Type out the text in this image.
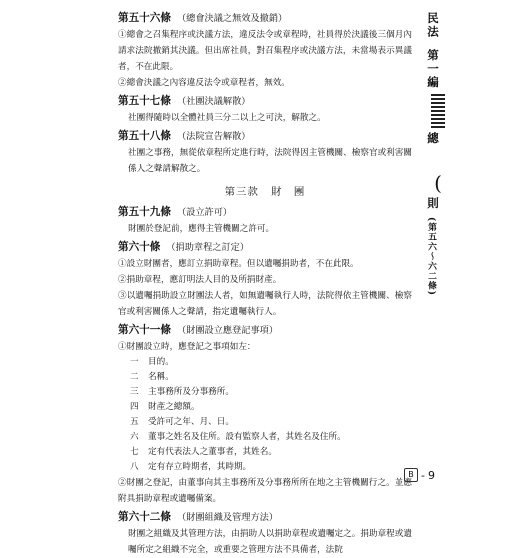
第五十六條 （總會決議之無效及撤銷）
①總會之召集程序或決議方法，違反法令或章程時，社員得於決議後三個月內請求法院撤銷其決議。但出席社員，對召集程序或決議方法，未當場表示異議者，不在此限。
②總會決議之內容違反法令或章程者，無效。
第五十七條 （社團決議解散）
社團得隨時以全體社員三分二以上之可決，解散之。
第五十八條 （法院宣告解散）
社團之事務，無從依章程所定進行時，法院得因主管機關、檢察官或利害關係人之聲請解散之。
第三款 財　團
第五十九條 （設立許可）
財團於登記前，應得主管機關之許可。
第六十條 （捐助章程之訂定）
①設立財團者，應訂立捐助章程。但以遺囑捐助者，不在此限。
②捐助章程，應訂明法人目的及所捐財產。
③以遺囑捐助設立財團法人者，如無遺囑執行人時，法院得依主管機關、檢察官或利害關係人之聲請，指定遺囑執行人。
第六十一條 （財團設立應登記事項）
①財團設立時，應登記之事項如左：
一 目的。
二 名稱。
三 主事務所及分事務所。
四 財產之總額。
五 受許可之年、月、日。
六 董事之姓名及住所。設有監察人者，其姓名及住所。
七 定有代表法人之董事者，其姓名。
八 定有存立時期者，其時期。
②財團之登記，由董事向其主事務所及分事務所所在地之主管機關行之。並應附具捐助章程或遺囑備案。
第六十二條 （財團組織及管理方法）
財團之組織及其管理方法，由捐助人以捐助章程或遺囑定之。捐助章程或遺囑所定之組織不完全，或重要之管理方法不具備者，法院
民法
第一編
總
(
則
(第五六〜六二條)
B - 9
